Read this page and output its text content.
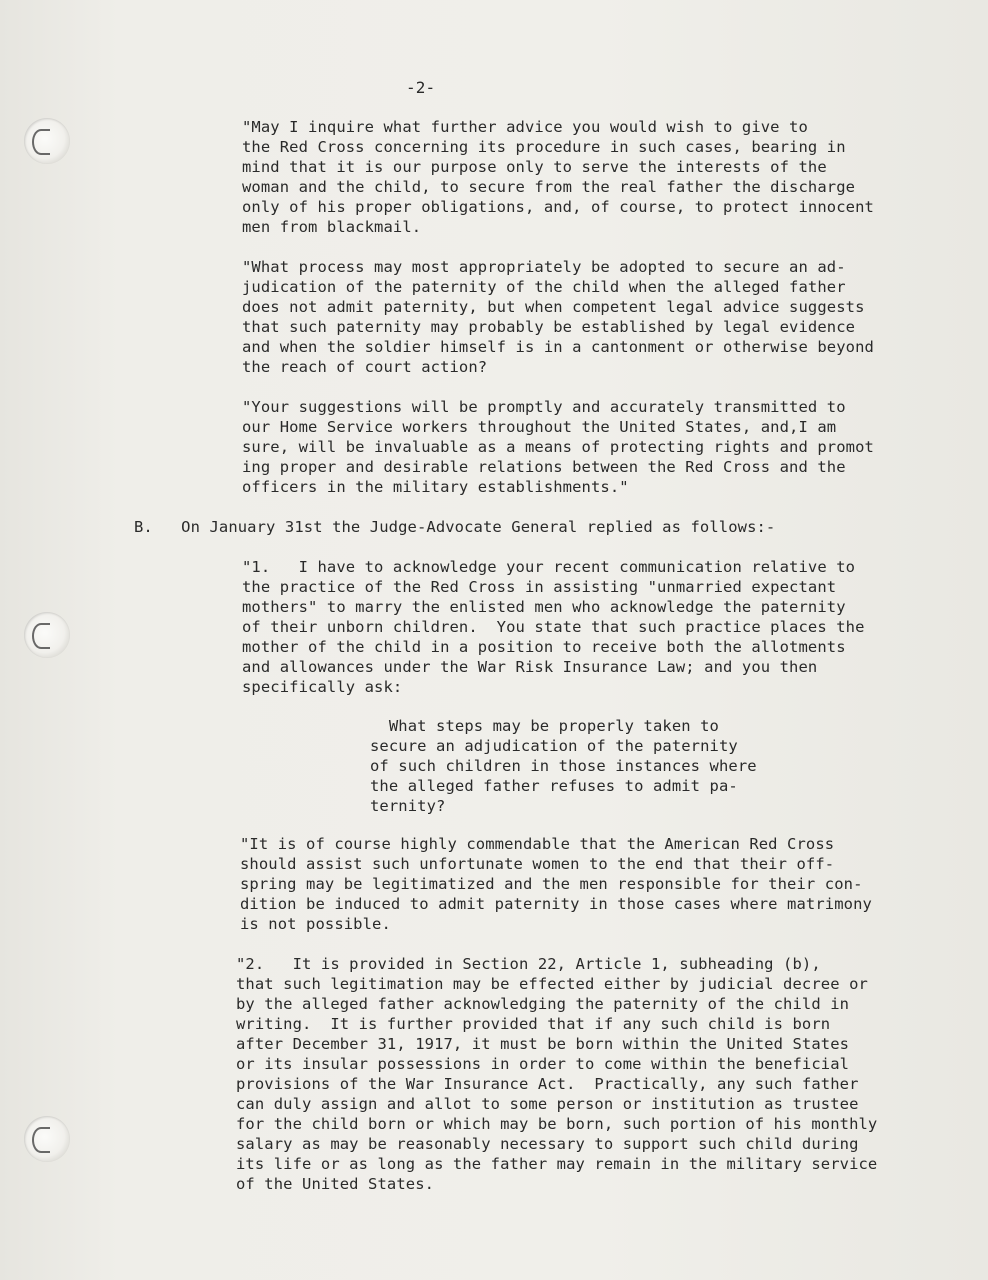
-2-
"May I inquire what further advice you would wish to give to
the Red Cross concerning its procedure in such cases, bearing in
mind that it is our purpose only to serve the interests of the
woman and the child, to secure from the real father the discharge
only of his proper obligations, and, of course, to protect innocent
men from blackmail.
"What process may most appropriately be adopted to secure an ad-
judication of the paternity of the child when the alleged father
does not admit paternity, but when competent legal advice suggests
that such paternity may probably be established by legal evidence
and when the soldier himself is in a cantonment or otherwise beyond
the reach of court action?
"Your suggestions will be promptly and accurately transmitted to
our Home Service workers throughout the United States, and,I am
sure, will be invaluable as a means of protecting rights and promot
ing proper and desirable relations between the Red Cross and the
officers in the military establishments."
B.   On January 31st the Judge-Advocate General replied as follows:-
"1.   I have to acknowledge your recent communication relative to
the practice of the Red Cross in assisting "unmarried expectant
mothers" to marry the enlisted men who acknowledge the paternity
of their unborn children.  You state that such practice places the
mother of the child in a position to receive both the allotments
and allowances under the War Risk Insurance Law; and you then
specifically ask:
What steps may be properly taken to
secure an adjudication of the paternity
of such children in those instances where
the alleged father refuses to admit pa-
ternity?
"It is of course highly commendable that the American Red Cross
should assist such unfortunate women to the end that their off-
spring may be legitimatized and the men responsible for their con-
dition be induced to admit paternity in those cases where matrimony
is not possible.
"2.   It is provided in Section 22, Article 1, subheading (b),
that such legitimation may be effected either by judicial decree or
by the alleged father acknowledging the paternity of the child in
writing.  It is further provided that if any such child is born
after December 31, 1917, it must be born within the United States
or its insular possessions in order to come within the beneficial
provisions of the War Insurance Act.  Practically, any such father
can duly assign and allot to some person or institution as trustee
for the child born or which may be born, such portion of his monthly
salary as may be reasonably necessary to support such child during
its life or as long as the father may remain in the military service
of the United States.
